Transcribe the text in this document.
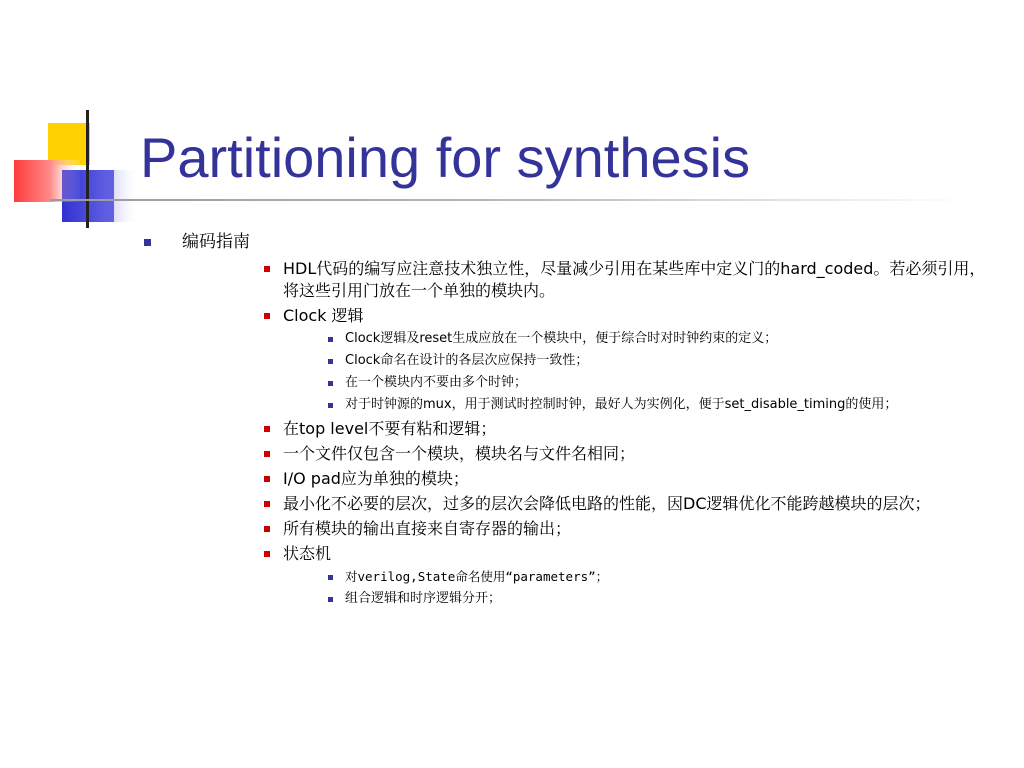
Partitioning for synthesis
编码指南
HDL代码的编写应注意技术独立性，尽量减少引用在某些库中定义门的hard_coded。若必须引用，将这些引用门放在一个单独的模块内。
Clock 逻辑
Clock逻辑及reset生成应放在一个模块中，便于综合时对时钟约束的定义；
Clock命名在设计的各层次应保持一致性；
在一个模块内不要由多个时钟；
对于时钟源的mux，用于测试时控制时钟，最好人为实例化，便于set_disable_timing的使用；
在top level不要有粘和逻辑；
一个文件仅包含一个模块，模块名与文件名相同；
I/O pad应为单独的模块；
最小化不必要的层次，过多的层次会降低电路的性能，因DC逻辑优化不能跨越模块的层次；
所有模块的输出直接来自寄存器的输出；
状态机
对verilog,State命名使用“parameters”；
组合逻辑和时序逻辑分开；
